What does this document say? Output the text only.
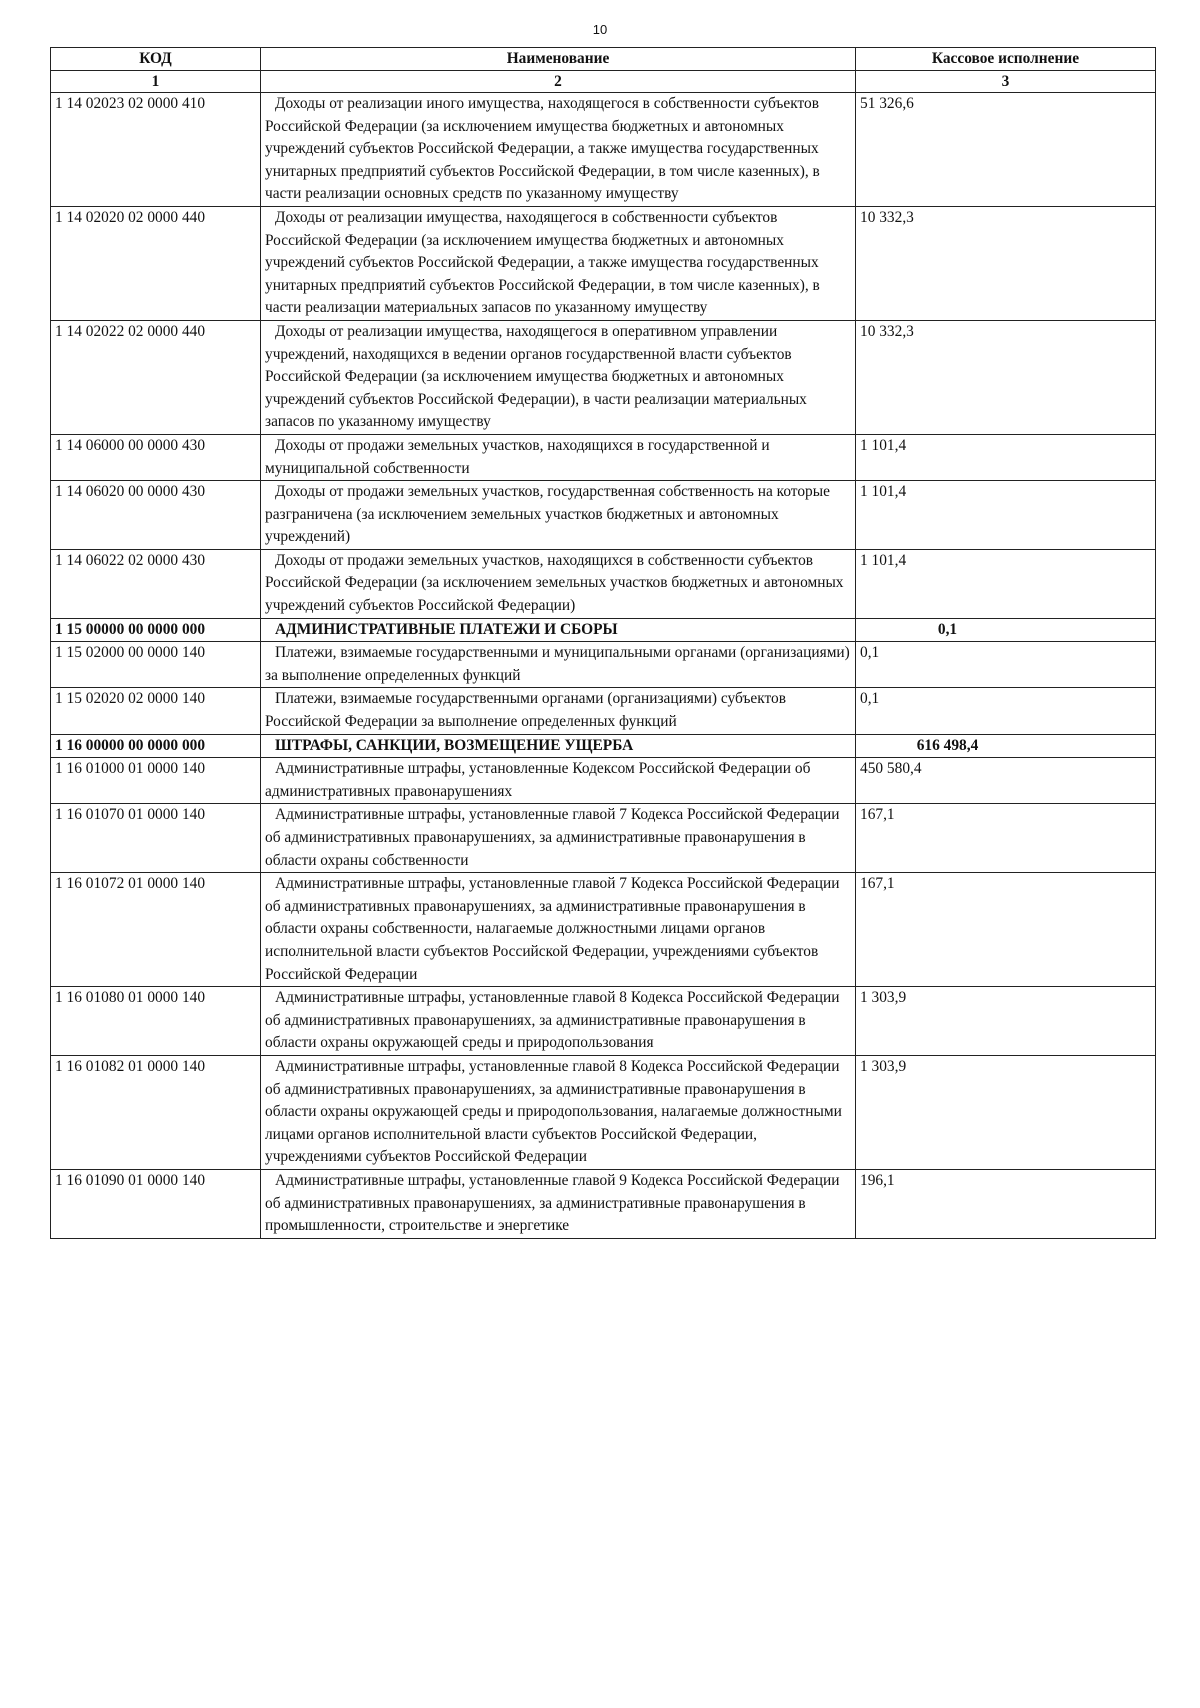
10
КОД	Наименование	Кассовое исполнение
1	2	3
1 14 02023 02 0000 410	Доходы от реализации иного имущества, находящегося в собственности субъектов Российской Федерации (за исключением имущества бюджетных и автономных учреждений субъектов Российской Федерации, а также имущества государственных унитарных предприятий субъектов Российской Федерации, в том числе казенных), в части реализации основных средств по указанному имуществу	51 326,6
1 14 02020 02 0000 440	Доходы от реализации имущества, находящегося в собственности субъектов Российской Федерации (за исключением имущества бюджетных и автономных учреждений субъектов Российской Федерации, а также имущества государственных унитарных предприятий субъектов Российской Федерации, в том числе казенных), в части реализации материальных запасов по указанному имуществу	10 332,3
1 14 02022 02 0000 440	Доходы от реализации имущества, находящегося в оперативном управлении учреждений, находящихся в ведении органов государственной власти субъектов Российской Федерации (за исключением имущества бюджетных и автономных учреждений субъектов Российской Федерации), в части реализации материальных запасов по указанному имуществу	10 332,3
1 14 06000 00 0000 430	Доходы от продажи земельных участков, находящихся в государственной и муниципальной собственности	1 101,4
1 14 06020 00 0000 430	Доходы от продажи земельных участков, государственная собственность на которые разграничена (за исключением земельных участков бюджетных и автономных учреждений)	1 101,4
1 14 06022 02 0000 430	Доходы от продажи земельных участков, находящихся в собственности субъектов Российской Федерации (за исключением земельных участков бюджетных и автономных учреждений субъектов Российской Федерации)	1 101,4
1 15 00000 00 0000 000	АДМИНИСТРАТИВНЫЕ ПЛАТЕЖИ И СБОРЫ	0,1
1 15 02000 00 0000 140	Платежи, взимаемые государственными и муниципальными органами (организациями) за выполнение определенных функций	0,1
1 15 02020 02 0000 140	Платежи, взимаемые государственными органами (организациями) субъектов Российской Федерации за выполнение определенных функций	0,1
1 16 00000 00 0000 000	ШТРАФЫ, САНКЦИИ, ВОЗМЕЩЕНИЕ УЩЕРБА	616 498,4
1 16 01000 01 0000 140	Административные штрафы, установленные Кодексом Российской Федерации об административных правонарушениях	450 580,4
1 16 01070 01 0000 140	Административные штрафы, установленные главой 7 Кодекса Российской Федерации об административных правонарушениях, за административные правонарушения в области охраны собственности	167,1
1 16 01072 01 0000 140	Административные штрафы, установленные главой 7 Кодекса Российской Федерации об административных правонарушениях, за административные правонарушения в области охраны собственности, налагаемые должностными лицами органов исполнительной власти субъектов Российской Федерации, учреждениями субъектов Российской Федерации	167,1
1 16 01080 01 0000 140	Административные штрафы, установленные главой 8 Кодекса Российской Федерации об административных правонарушениях, за административные правонарушения в области охраны окружающей среды и природопользования	1 303,9
1 16 01082 01 0000 140	Административные штрафы, установленные главой 8 Кодекса Российской Федерации об административных правонарушениях, за административные правонарушения в области охраны окружающей среды и природопользования, налагаемые должностными лицами органов исполнительной власти субъектов Российской Федерации, учреждениями субъектов Российской Федерации	1 303,9
1 16 01090 01 0000 140	Административные штрафы, установленные главой 9 Кодекса Российской Федерации об административных правонарушениях, за административные правонарушения в промышленности, строительстве и энергетике	196,1
